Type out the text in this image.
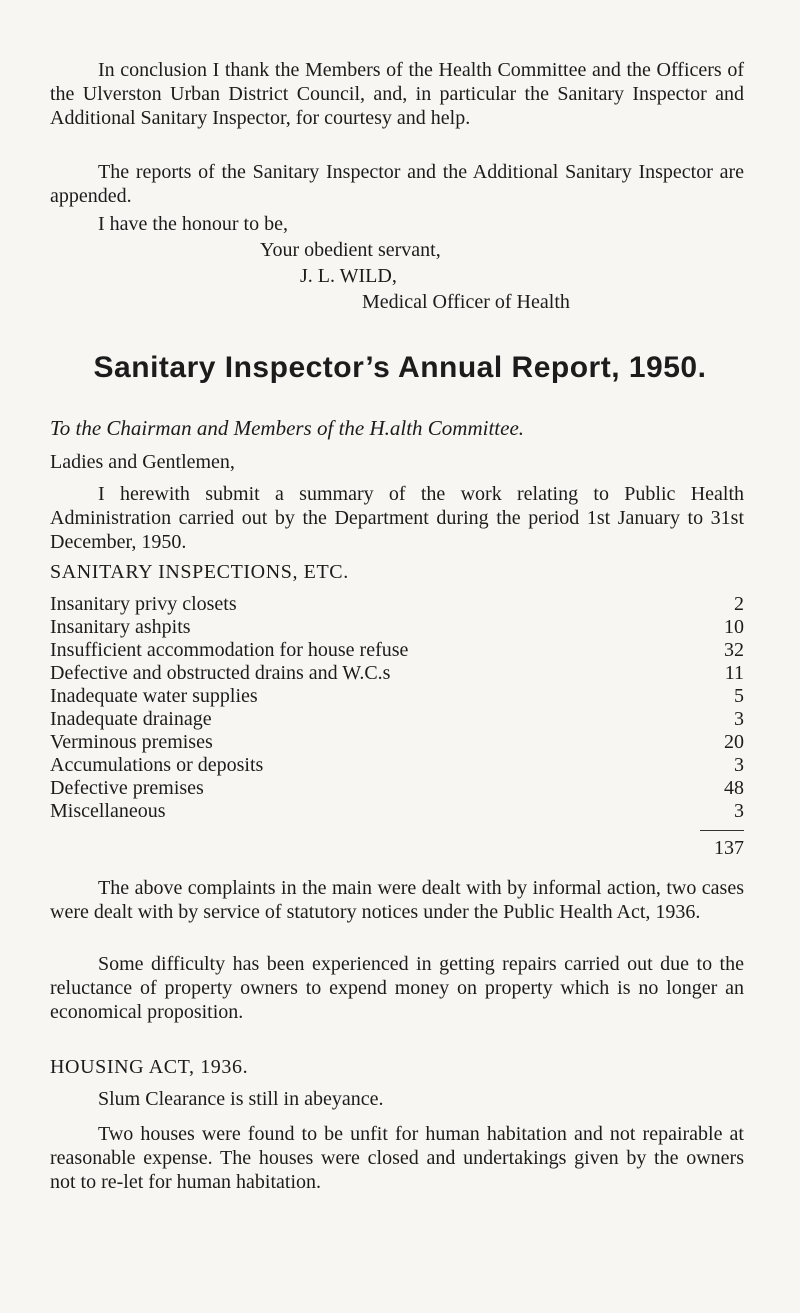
In conclusion I thank the Members of the Health Committee and the Officers of the Ulverston Urban District Council, and, in particular the Sanitary Inspector and Additional Sanitary Inspector, for courtesy and help.

The reports of the Sanitary Inspector and the Additional Sanitary Inspector are appended.

I have the honour to be,

Your obedient servant,
J. L. WILD,
Medical Officer of Health
Sanitary Inspector’s Annual Report, 1950.

To the Chairman and Members of the H.alth Committee.

Ladies and Gentlemen,

I herewith submit a summary of the work relating to Public Health Administration carried out by the Department during the period 1st January to 31st December, 1950.

SANITARY INSPECTIONS, ETC.

Insanitary privy closets	2
Insanitary ashpits	10
Insufficient accommodation for house refuse	32
Defective and obstructed drains and W.C.s	11
Inadequate water supplies	5
Inadequate drainage	3
Verminous premises	20
Accumulations or deposits	3
Defective premises	48
Miscellaneous	3
137

The above complaints in the main were dealt with by informal action, two cases were dealt with by service of statutory notices under the Public Health Act, 1936.

Some difficulty has been experienced in getting repairs carried out due to the reluctance of property owners to expend money on property which is no longer an economical proposition.

HOUSING ACT, 1936.

Slum Clearance is still in abeyance.

Two houses were found to be unfit for human habitation and not repairable at reasonable expense. The houses were closed and undertakings given by the owners not to re-let for human habitation.
